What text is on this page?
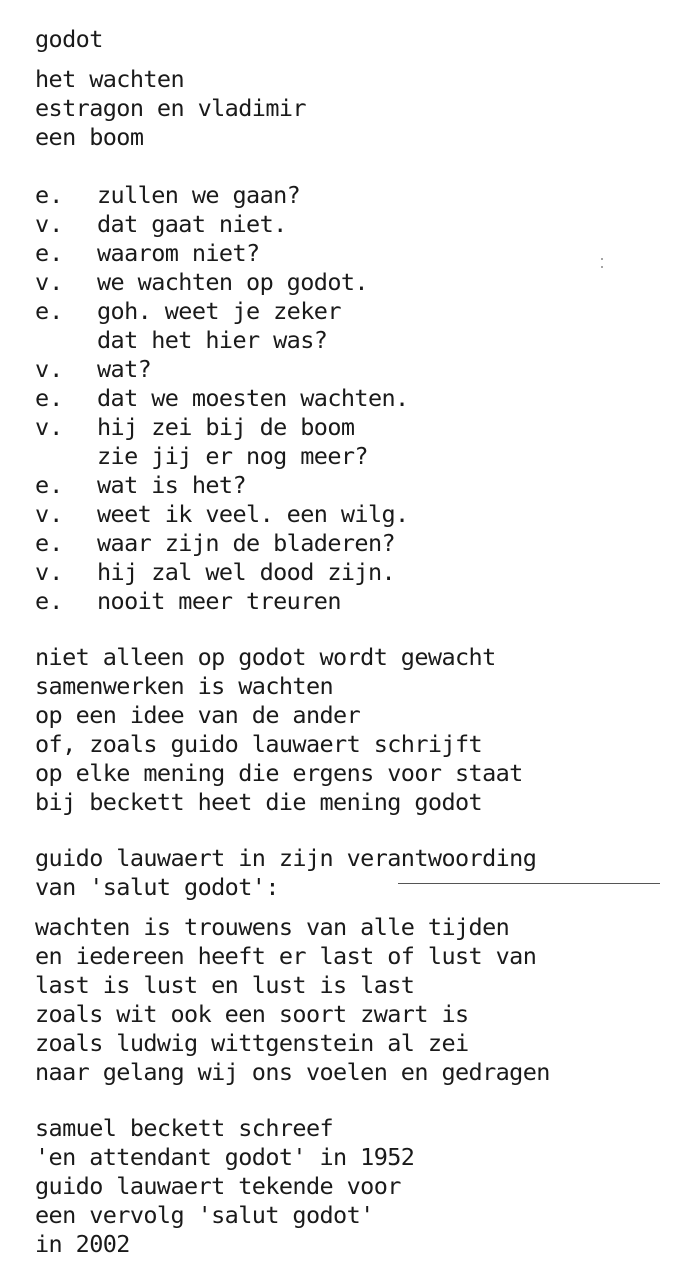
godot
het wachten
estragon en vladimir
een boom
e. zullen we gaan?
v. dat gaat niet.
e. waarom niet?
v. we wachten op godot.
e. goh. weet je zeker
dat het hier was?
v. wat?
e. dat we moesten wachten.
v. hij zei bij de boom
zie jij er nog meer?
e. wat is het?
v. weet ik veel. een wilg.
e. waar zijn de bladeren?
v. hij zal wel dood zijn.
e. nooit meer treuren
niet alleen op godot wordt gewacht
samenwerken is wachten
op een idee van de ander
of, zoals guido lauwaert schrijft
op elke mening die ergens voor staat
bij beckett heet die mening godot
guido lauwaert in zijn verantwoording
van 'salut godot':
wachten is trouwens van alle tijden
en iedereen heeft er last of lust van
last is lust en lust is last
zoals wit ook een soort zwart is
zoals ludwig wittgenstein al zei
naar gelang wij ons voelen en gedragen
samuel beckett schreef
'en attendant godot' in 1952
guido lauwaert tekende voor
een vervolg 'salut godot'
in 2002
